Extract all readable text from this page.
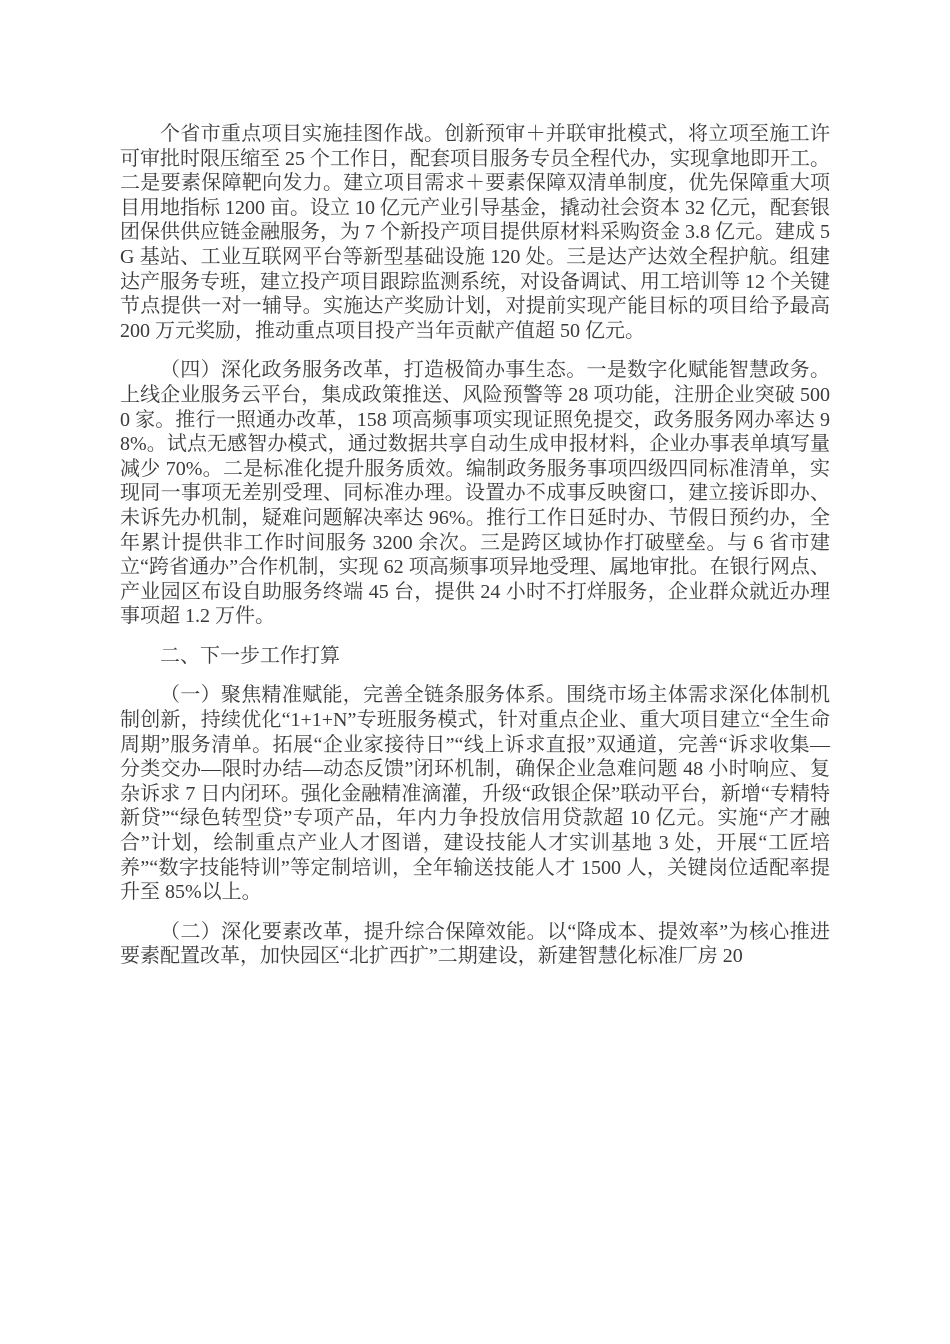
个省市重点项目实施挂图作战。创新预审＋并联审批模式，将立项至施工许可审批时限压缩至 25 个工作日，配套项目服务专员全程代办，实现拿地即开工。二是要素保障靶向发力。建立项目需求＋要素保障双清单制度，优先保障重大项目用地指标 1200 亩。设立 10 亿元产业引导基金，撬动社会资本 32 亿元，配套银团保供供应链金融服务，为 7 个新投产项目提供原材料采购资金 3.8 亿元。建成 5G 基站、工业互联网平台等新型基础设施 120 处。三是达产达效全程护航。组建达产服务专班，建立投产项目跟踪监测系统，对设备调试、用工培训等 12 个关键节点提供一对一辅导。实施达产奖励计划，对提前实现产能目标的项目给予最高 200 万元奖励，推动重点项目投产当年贡献产值超 50 亿元。

（四）深化政务服务改革，打造极简办事生态。一是数字化赋能智慧政务。上线企业服务云平台，集成政策推送、风险预警等 28 项功能，注册企业突破 5000 家。推行一照通办改革，158 项高频事项实现证照免提交，政务服务网办率达 98%。试点无感智办模式，通过数据共享自动生成申报材料，企业办事表单填写量减少 70%。二是标准化提升服务质效。编制政务服务事项四级四同标准清单，实现同一事项无差别受理、同标准办理。设置办不成事反映窗口，建立接诉即办、未诉先办机制，疑难问题解决率达 96%。推行工作日延时办、节假日预约办，全年累计提供非工作时间服务 3200 余次。三是跨区域协作打破壁垒。与 6 省市建立“跨省通办”合作机制，实现 62 项高频事项异地受理、属地审批。在银行网点、产业园区布设自助服务终端 45 台，提供 24 小时不打烊服务，企业群众就近办理事项超 1.2 万件。

二、下一步工作打算

（一）聚焦精准赋能，完善全链条服务体系。围绕市场主体需求深化体制机制创新，持续优化“1+1+N”专班服务模式，针对重点企业、重大项目建立“全生命周期”服务清单。拓展“企业家接待日”“线上诉求直报”双通道，完善“诉求收集—分类交办—限时办结—动态反馈”闭环机制，确保企业急难问题 48 小时响应、复杂诉求 7 日内闭环。强化金融精准滴灌，升级“政银企保”联动平台，新增“专精特新贷”“绿色转型贷”专项产品，年内力争投放信用贷款超 10 亿元。实施“产才融合”计划，绘制重点产业人才图谱，建设技能人才实训基地 3 处，开展“工匠培养”“数字技能特训”等定制培训，全年输送技能人才 1500 人，关键岗位适配率提升至 85%以上。

（二）深化要素改革，提升综合保障效能。以“降成本、提效率”为核心推进要素配置改革，加快园区“北扩西扩”二期建设，新建智慧化标准厂房 20
